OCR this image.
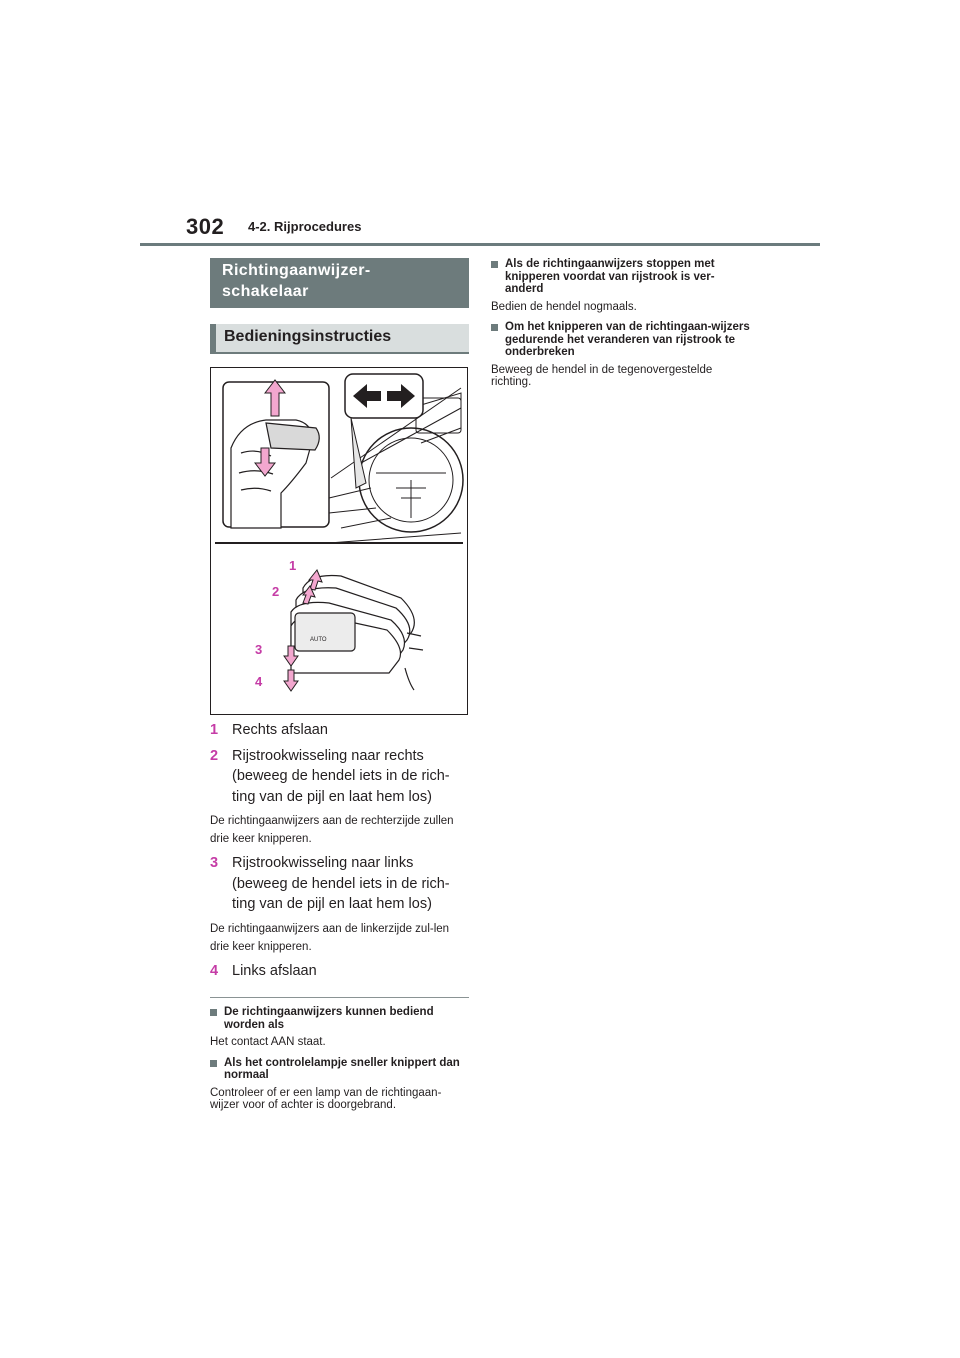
302 4-2. Rijprocedures
Richtingaanwijzer-
schakelaar
Bedieningsinstructies
AUTO
1
2
3
4
1 Rechts afslaan
2 Rijstrookwisseling naar rechts (beweeg de hendel iets in de rich-ting van de pijl en laat hem los)
De richtingaanwijzers aan de rechterzijde zullen drie keer knipperen.
3 Rijstrookwisseling naar links (beweeg de hendel iets in de rich-ting van de pijl en laat hem los)
De richtingaanwijzers aan de linkerzijde zul-len drie keer knipperen.
4 Links afslaan
De richtingaanwijzers kunnen bediend worden als
Het contact AAN staat.
Als het controlelampje sneller knippert dan normaal
Controleer of er een lamp van de richtingaan-wijzer voor of achter is doorgebrand.
Als de richtingaanwijzers stoppen met knipperen voordat van rijstrook is ver-anderd
Bedien de hendel nogmaals.
Om het knipperen van de richtingaan-wijzers gedurende het veranderen van rijstrook te onderbreken
Beweeg de hendel in de tegenovergestelde richting.
